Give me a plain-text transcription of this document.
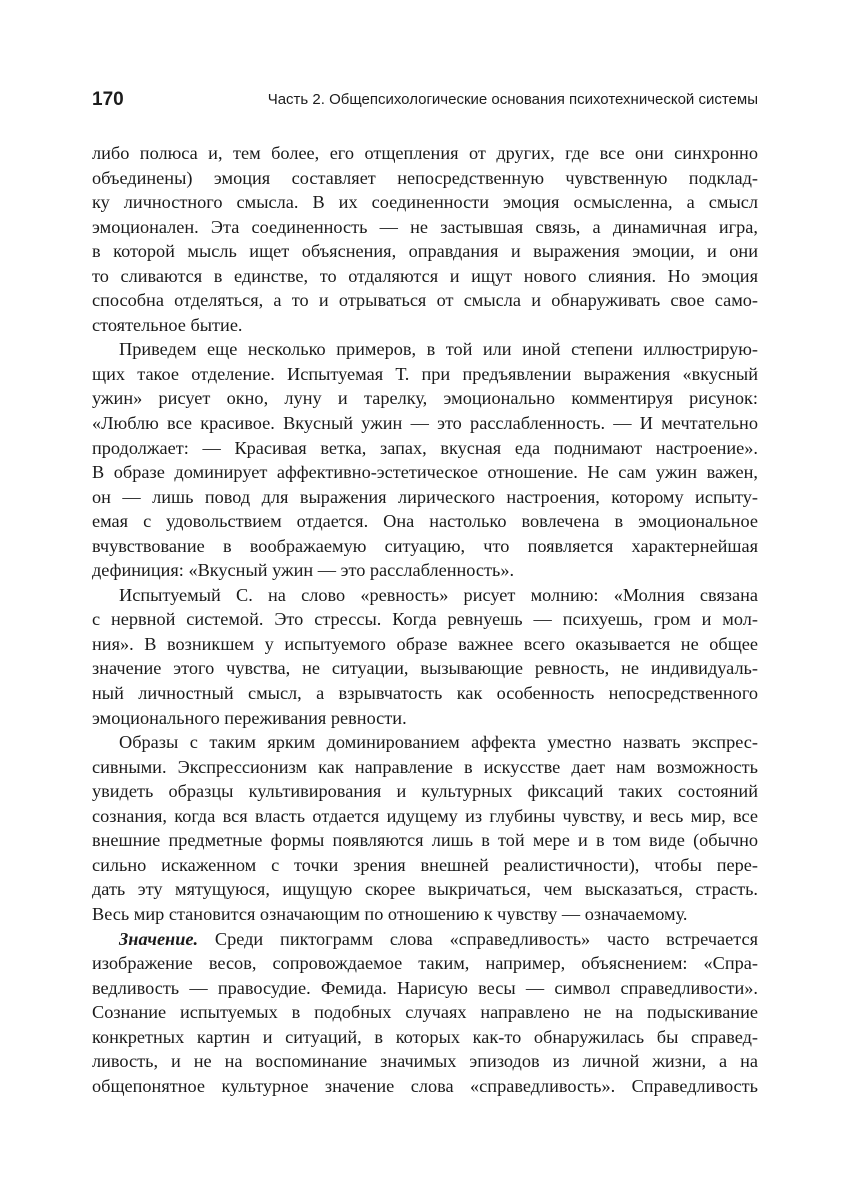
170	Часть 2. Общепсихологические основания психотехнической системы
либо полюса и, тем более, его отщепления от других, где все они синхронно
объединены) эмоция составляет непосредственную чувственную подклад-
ку личностного смысла. В их соединенности эмоция осмысленна, а смысл
эмоционален. Эта соединенность — не застывшая связь, а динамичная игра,
в которой мысль ищет объяснения, оправдания и выражения эмоции, и они
то сливаются в единстве, то отдаляются и ищут нового слияния. Но эмоция
способна отделяться, а то и отрываться от смысла и обнаруживать свое само-
стоятельное бытие.
Приведем еще несколько примеров, в той или иной степени иллюстрирую-
щих такое отделение. Испытуемая Т. при предъявлении выражения «вкусный
ужин» рисует окно, луну и тарелку, эмоционально комментируя рисунок:
«Люблю все красивое. Вкусный ужин — это расслабленность. — И мечтательно
продолжает: — Красивая ветка, запах, вкусная еда поднимают настроение».
В образе доминирует аффективно-эстетическое отношение. Не сам ужин важен,
он — лишь повод для выражения лирического настроения, которому испыту-
емая с удовольствием отдается. Она настолько вовлечена в эмоциональное
вчувствование в воображаемую ситуацию, что появляется характернейшая
дефиниция: «Вкусный ужин — это расслабленность».
Испытуемый С. на слово «ревность» рисует молнию: «Молния связана
с нервной системой. Это стрессы. Когда ревнуешь — психуешь, гром и мол-
ния». В возникшем у испытуемого образе важнее всего оказывается не общее
значение этого чувства, не ситуации, вызывающие ревность, не индивидуаль-
ный личностный смысл, а взрывчатость как особенность непосредственного
эмоционального переживания ревности.
Образы с таким ярким доминированием аффекта уместно назвать экспрес-
сивными. Экспрессионизм как направление в искусстве дает нам возможность
увидеть образцы культивирования и культурных фиксаций таких состояний
сознания, когда вся власть отдается идущему из глубины чувству, и весь мир, все
внешние предметные формы появляются лишь в той мере и в том виде (обычно
сильно искаженном с точки зрения внешней реалистичности), чтобы пере-
дать эту мятущуюся, ищущую скорее выкричаться, чем высказаться, страсть.
Весь мир становится означающим по отношению к чувству — означаемому.
Значение. Среди пиктограмм слова «справедливость» часто встречается
изображение весов, сопровождаемое таким, например, объяснением: «Спра-
ведливость — правосудие. Фемида. Нарисую весы — символ справедливости».
Сознание испытуемых в подобных случаях направлено не на подыскивание
конкретных картин и ситуаций, в которых как-то обнаружилась бы справед-
ливость, и не на воспоминание значимых эпизодов из личной жизни, а на
общепонятное культурное значение слова «справедливость». Справедливость
